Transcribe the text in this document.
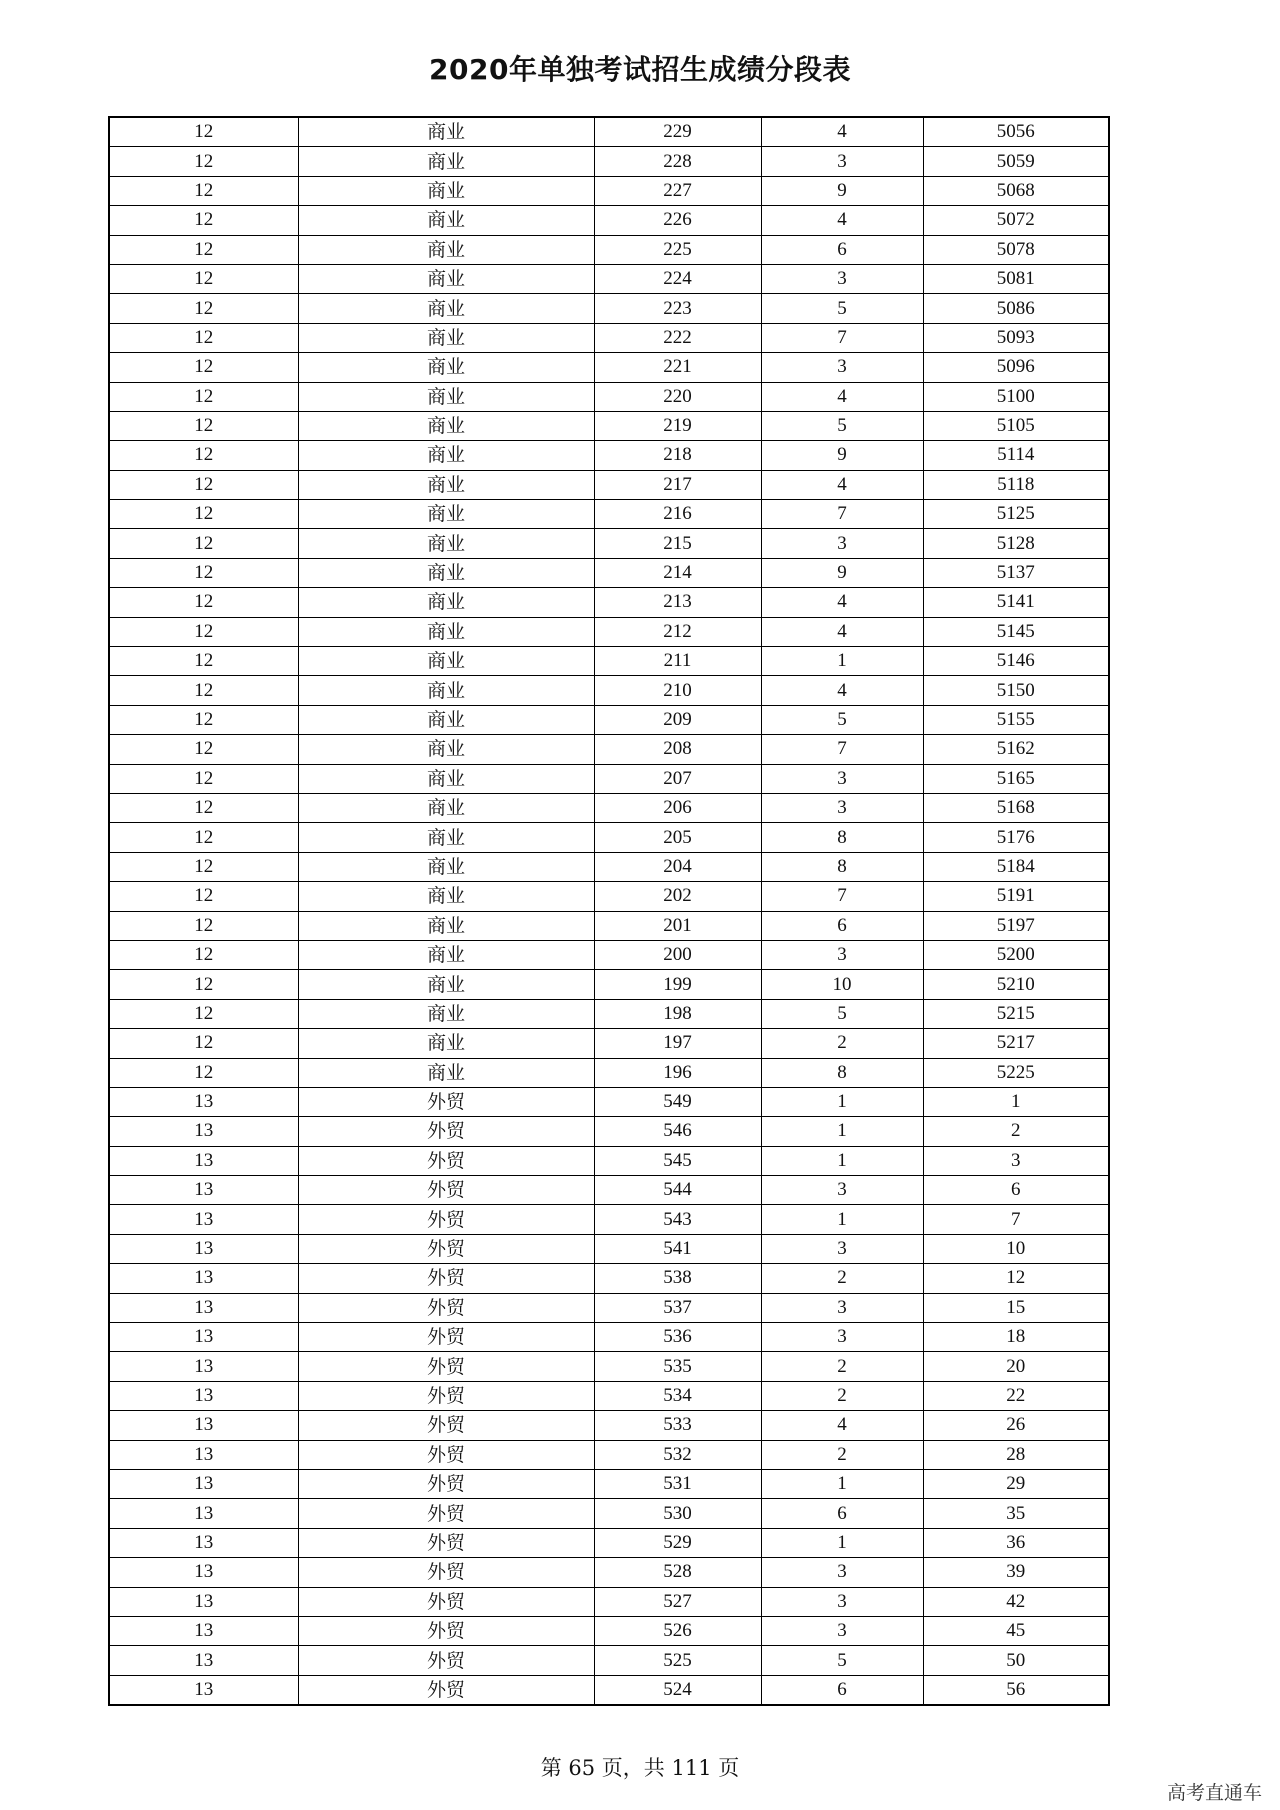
2020年单独考试招生成绩分段表
12	商业	229	4	5056
12	商业	228	3	5059
12	商业	227	9	5068
12	商业	226	4	5072
12	商业	225	6	5078
12	商业	224	3	5081
12	商业	223	5	5086
12	商业	222	7	5093
12	商业	221	3	5096
12	商业	220	4	5100
12	商业	219	5	5105
12	商业	218	9	5114
12	商业	217	4	5118
12	商业	216	7	5125
12	商业	215	3	5128
12	商业	214	9	5137
12	商业	213	4	5141
12	商业	212	4	5145
12	商业	211	1	5146
12	商业	210	4	5150
12	商业	209	5	5155
12	商业	208	7	5162
12	商业	207	3	5165
12	商业	206	3	5168
12	商业	205	8	5176
12	商业	204	8	5184
12	商业	202	7	5191
12	商业	201	6	5197
12	商业	200	3	5200
12	商业	199	10	5210
12	商业	198	5	5215
12	商业	197	2	5217
12	商业	196	8	5225
13	外贸	549	1	1
13	外贸	546	1	2
13	外贸	545	1	3
13	外贸	544	3	6
13	外贸	543	1	7
13	外贸	541	3	10
13	外贸	538	2	12
13	外贸	537	3	15
13	外贸	536	3	18
13	外贸	535	2	20
13	外贸	534	2	22
13	外贸	533	4	26
13	外贸	532	2	28
13	外贸	531	1	29
13	外贸	530	6	35
13	外贸	529	1	36
13	外贸	528	3	39
13	外贸	527	3	42
13	外贸	526	3	45
13	外贸	525	5	50
13	外贸	524	6	56
第 65 页，共 111 页
高考直通车
